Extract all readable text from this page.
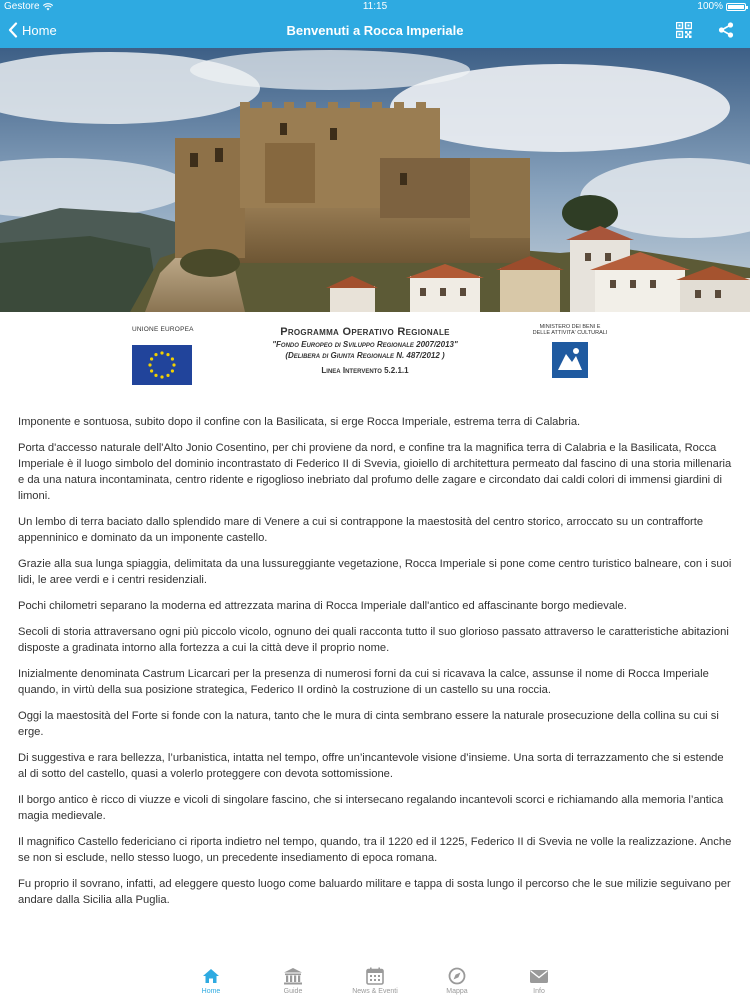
Gestore	11:15	100%
Home	Benvenuti a Rocca Imperiale
UNIONE EUROPEA	Programma Operativo Regionale
"Fondo Europeo di Sviluppo Regionale 2007/2013"
(Delibera di Giunta Regionale N. 487/2012 )
Linea Intervento 5.2.1.1
MINISTERO DEI BENI E
DELLE ATTIVITA' CULTURALI

Imponente e sontuosa, subito dopo il confine con la Basilicata, si erge Rocca Imperiale, estrema terra di Calabria.

Porta d'accesso naturale dell'Alto Jonio Cosentino, per chi proviene da nord, e confine tra la magnifica terra di Calabria e la Basilicata, Rocca Imperiale è il luogo simbolo del dominio incontrastato di Federico II di Svevia, gioiello di architettura permeato dal fascino di una storia millenaria e da una natura incontaminata, centro ridente e rigoglioso inebriato dal profumo delle zagare e circondato dai caldi colori di immensi giardini di limoni.

Un lembo di terra baciato dallo splendido mare di Venere a cui si contrappone la maestosità del centro storico, arroccato su un contrafforte appenninico e dominato da un imponente castello.

Grazie alla sua lunga spiaggia, delimitata da una lussureggiante vegetazione, Rocca Imperiale si pone come centro turistico balneare, con i suoi lidi, le aree verdi e i centri residenziali.

Pochi chilometri separano la moderna ed attrezzata marina di Rocca Imperiale dall'antico ed affascinante borgo medievale.

Secoli di storia attraversano ogni più piccolo vicolo, ognuno dei quali racconta tutto il suo glorioso passato attraverso le caratteristiche abitazioni disposte a gradinata intorno alla fortezza a cui la città deve il proprio nome.

Inizialmente denominata Castrum Licarcari per la presenza di numerosi forni da cui si ricavava la calce, assunse il nome di Rocca Imperiale quando, in virtù della sua posizione strategica, Federico II ordinò la costruzione di un castello su una roccia.

Oggi la maestosità del Forte si fonde con la natura, tanto che le mura di cinta sembrano essere la naturale prosecuzione della collina su cui si erge.

Di suggestiva e rara bellezza, l’urbanistica, intatta nel tempo, offre un’incantevole visione d’insieme. Una sorta di terrazzamento che si estende al di sotto del castello, quasi a volerlo proteggere con devota sottomissione.

Il borgo antico è ricco di viuzze e vicoli di singolare fascino, che si intersecano regalando incantevoli scorci e richiamando alla memoria l’antica magia medievale.

Il magnifico Castello federiciano ci riporta indietro nel tempo, quando, tra il 1220 ed il 1225, Federico II di Svevia ne volle la realizzazione. Anche se non si esclude, nello stesso luogo, un precedente insediamento di epoca romana.

Fu proprio il sovrano, infatti, ad eleggere questo luogo come baluardo militare e tappa di sosta lungo il percorso che le sue milizie seguivano per andare dalla Sicilia alla Puglia.

Home	Guide	News & Eventi	Mappa	Info
